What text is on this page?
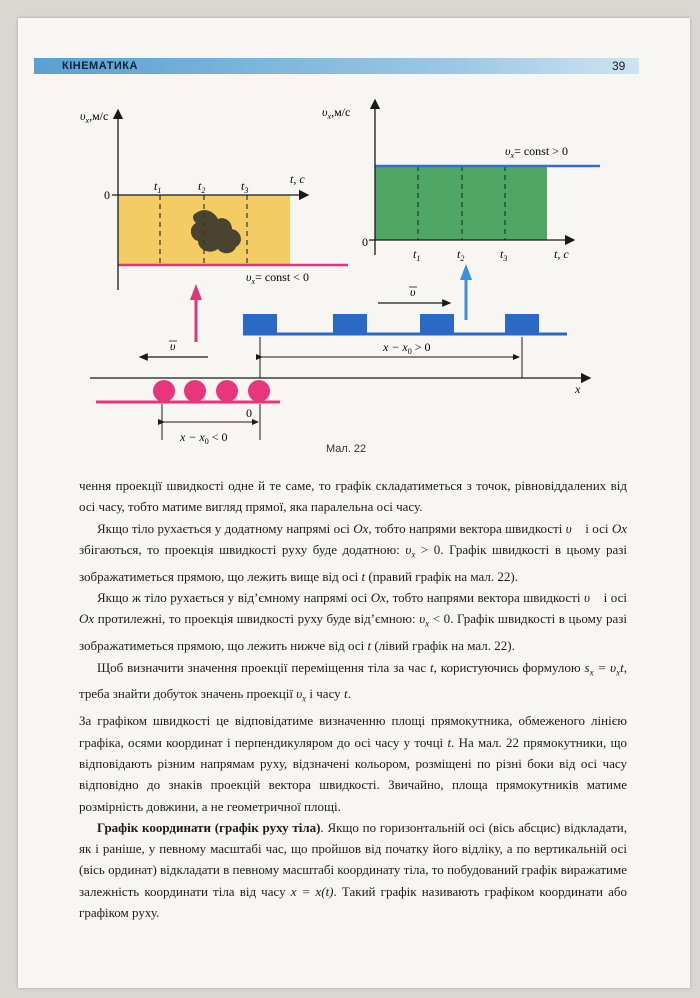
КІНЕМАТИКА	39
$\upsilon_x,м/с$
0
t, с
$t_1$	$t_2$	$t_3$
$\upsilon_x=$ const < 0
$\upsilon_x,м/с$
0
t, с
$t_1$	$t_2$	$t_3$
$\upsilon_x=$ const > 0
υ
υ	$x - x_0 > 0$
x
0
$x - x_0 < 0$
Мал. 22

чення проекції швидкості одне й те саме, то графік складатиметься з точок, рівновіддалених від осі часу, тобто матиме вигляд прямої, яка паралельна осі часу.

Якщо тіло рухається у додатному напрямі осі Ox, тобто напрями вектора швидкості υ⃗ і осі Ox збігаються, то проекція швидкості руху буде додатною: $\upsilon_x > 0$. Графік швидкості в цьому разі зображатиметься прямою, що лежить вище від осі t (правий графік на мал. 22).

Якщо ж тіло рухається у від’ємному напрямі осі Ox, тобто напрями вектора швидкості υ⃗ і осі Ox протилежні, то проекція швидкості руху буде від’ємною: $\upsilon_x < 0$. Графік швидкості в цьому разі зображатиметься прямою, що лежить нижче від осі t (лівий графік на мал. 22).

Щоб визначити значення проекції переміщення тіла за час t, користуючись формулою $s_x = \upsilon_xt$, треба знайти добуток значень проекції $\upsilon_x$ і часу t.

За графіком швидкості це відповідатиме визначенню площі прямокутника, обмеженого лінією графіка, осями координат і перпендикуляром до осі часу у точці t. На мал. 22 прямокутники, що відповідають різним напрямам руху, відзначені кольором, розміщені по різні боки від осі часу відповідно до знаків проекцій вектора швидкості. Звичайно, площа прямокутників матиме розмірність довжини, а не геометричної площі.

Графік координати (графік руху тіла). Якщо по горизонтальній осі (вісь абсцис) відкладати, як і раніше, у певному масштабі час, що пройшов від початку його відліку, а по вертикальній осі (вісь ординат) відкладати в певному масштабі координату тіла, то побудований графік виражатиме залежність координати тіла від часу x = x(t). Такий графік називають графіком координати або графіком руху.
